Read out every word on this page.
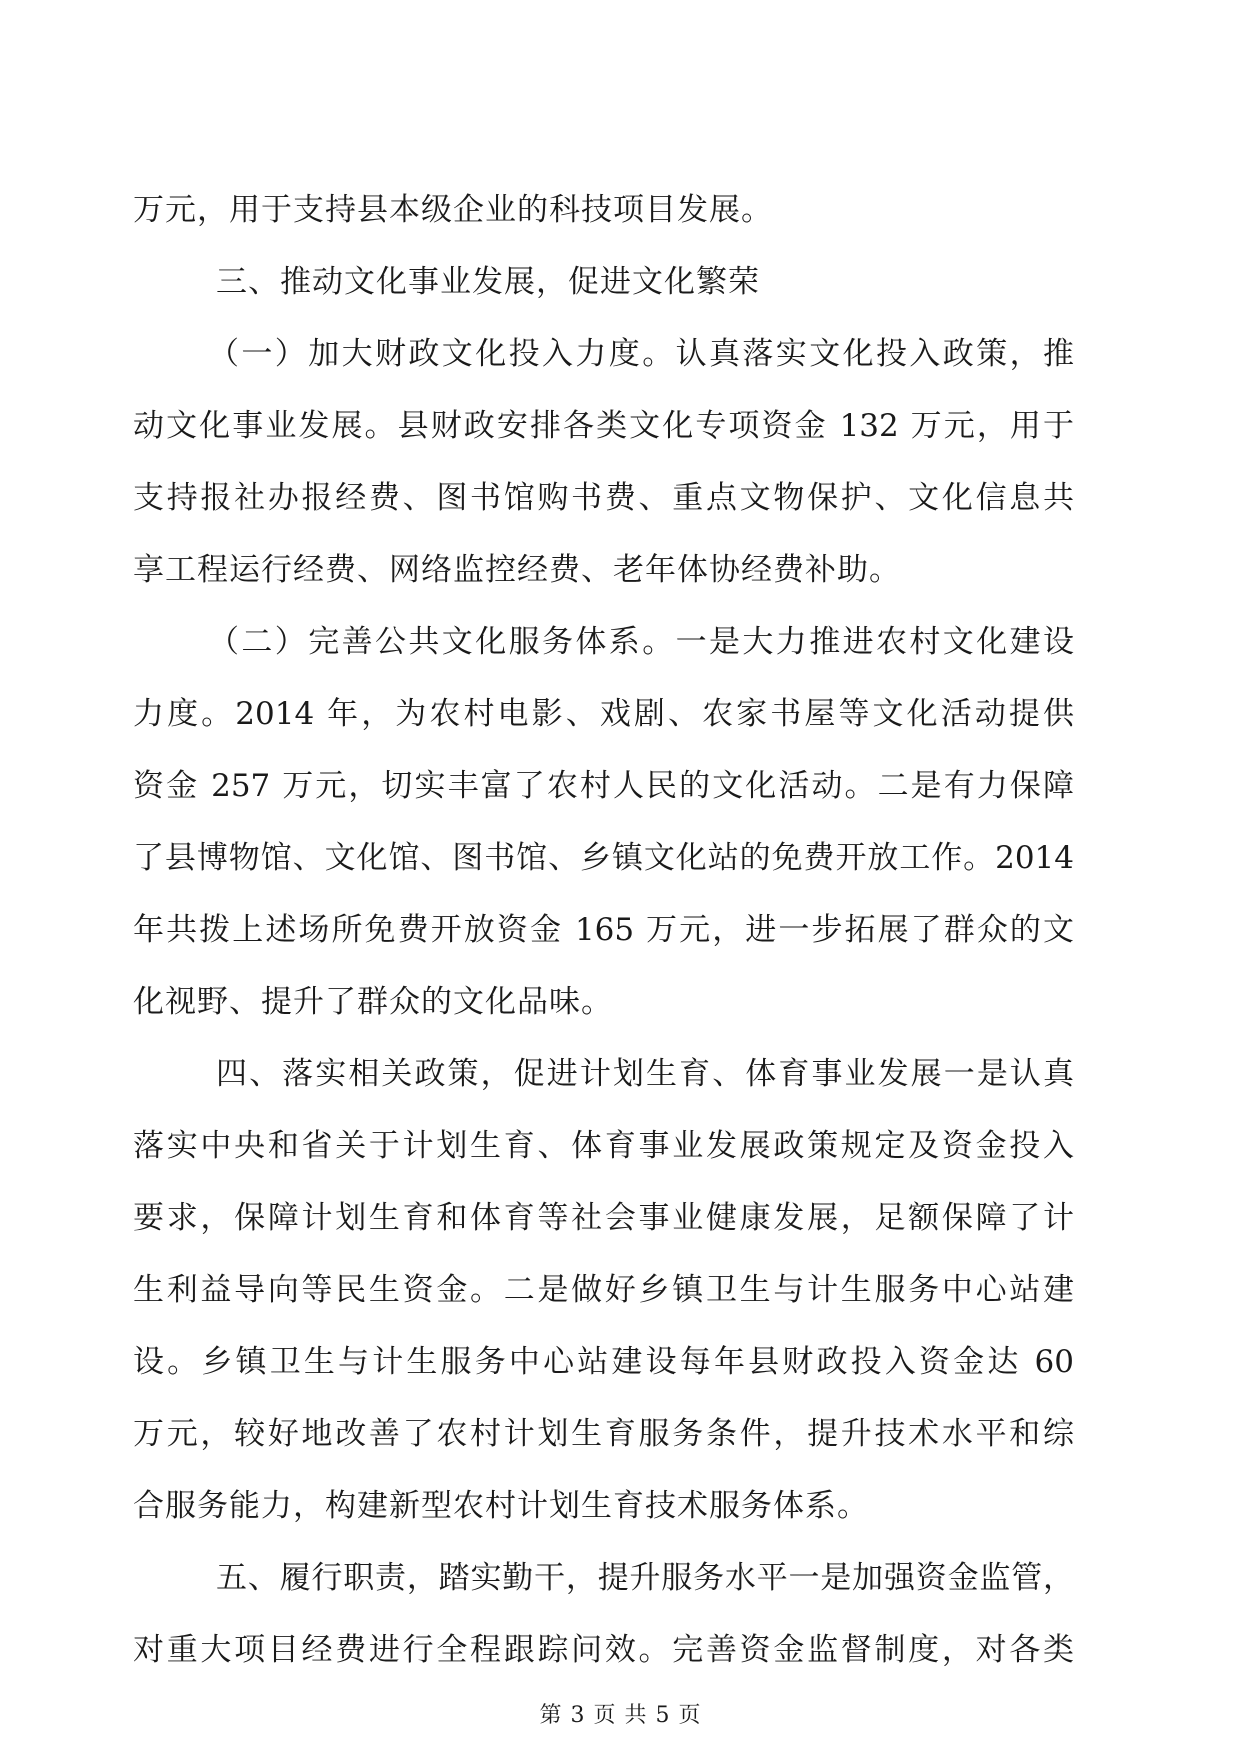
万元，用于支持县本级企业的科技项目发展。
三、推动文化事业发展，促进文化繁荣
（一）加大财政文化投入力度。认真落实文化投入政策，推
动文化事业发展。县财政安排各类文化专项资金 132 万元，用于
支持报社办报经费、图书馆购书费、重点文物保护、文化信息共
享工程运行经费、网络监控经费、老年体协经费补助。
（二）完善公共文化服务体系。一是大力推进农村文化建设
力度。2014 年，为农村电影、戏剧、农家书屋等文化活动提供
资金 257 万元，切实丰富了农村人民的文化活动。二是有力保障
了县博物馆、文化馆、图书馆、乡镇文化站的免费开放工作。2014
年共拨上述场所免费开放资金 165 万元，进一步拓展了群众的文
化视野、提升了群众的文化品味。
四、落实相关政策，促进计划生育、体育事业发展一是认真
落实中央和省关于计划生育、体育事业发展政策规定及资金投入
要求，保障计划生育和体育等社会事业健康发展，足额保障了计
生利益导向等民生资金。二是做好乡镇卫生与计生服务中心站建
设。乡镇卫生与计生服务中心站建设每年县财政投入资金达 60
万元，较好地改善了农村计划生育服务条件，提升技术水平和综
合服务能力，构建新型农村计划生育技术服务体系。
五、履行职责，踏实勤干，提升服务水平一是加强资金监管，
对重大项目经费进行全程跟踪问效。完善资金监督制度，对各类
第 3 页 共 5 页
